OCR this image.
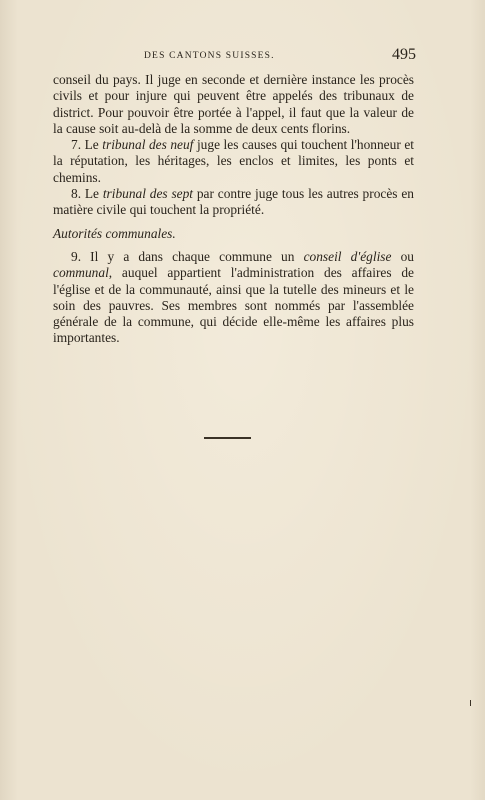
DES CANTONS SUISSES.	495

conseil du pays. Il juge en seconde et dernière instance les procès civils et pour injure qui peuvent être appelés des tribunaux de district. Pour pouvoir être portée à l'appel, il faut que la valeur de la cause soit au-delà de la somme de deux cents florins.

7. Le tribunal des neuf juge les causes qui touchent l'honneur et la réputation, les héritages, les enclos et limites, les ponts et chemins.

8. Le tribunal des sept par contre juge tous les autres procès en matière civile qui touchent la propriété.

Autorités communales.

9. Il y a dans chaque commune un conseil d'église ou communal, auquel appartient l'administration des affaires de l'église et de la communauté, ainsi que la tutelle des mineurs et le soin des pauvres. Ses membres sont nommés par l'assemblée générale de la commune, qui décide elle-même les affaires plus importantes.
